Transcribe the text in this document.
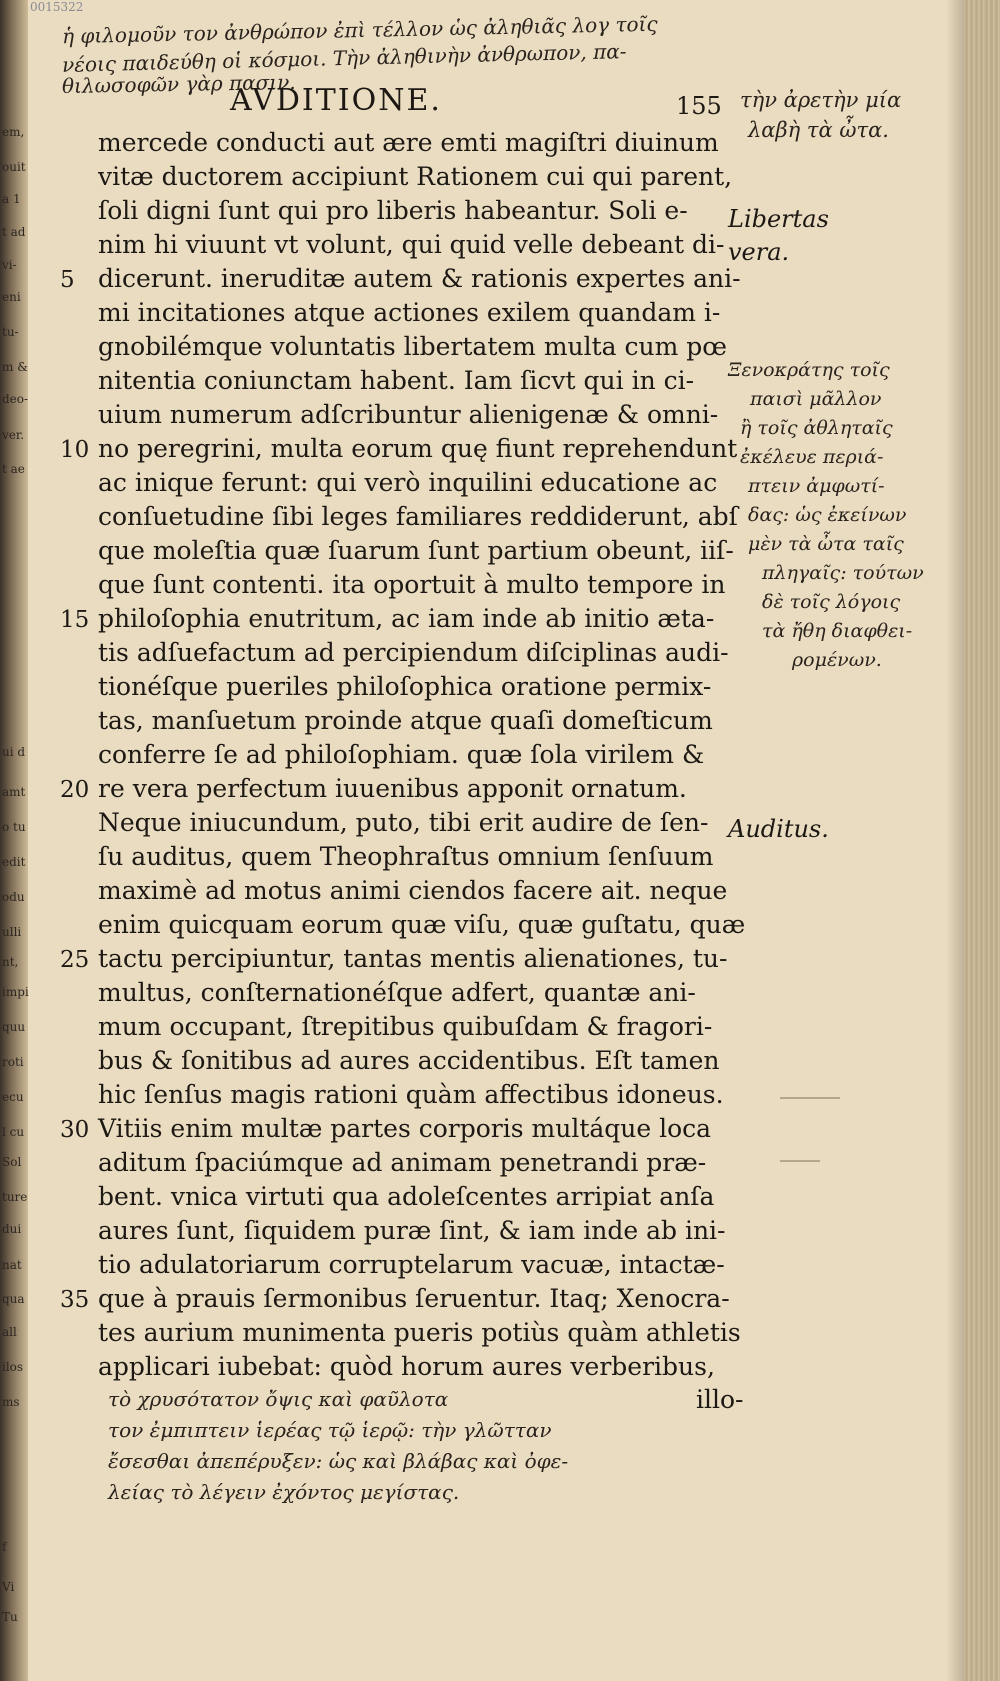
em,
ouit
a 1
t ad
vi-
eni
tu-
m &
deo-
ver.
t ae
ui d
amt
o tu
edit
odu
ulli
nt,
impi
quu
roti
ecu
l cu
Sol
ture
dui
nat
qua
all
ilos
ms
f
Vi
Tu
0015322
ἡ φιλομοῦν τον ἀνθρώπον ἐπὶ τέλλον ὡς ἀληθιᾶς λογ τοῖς
νέοις παιδεύθη οἱ κόσμοι. Τὴν ἀληθινὴν ἀνθρωπον, πα-
θιλωσοφῶν γὰρ πασιν.
τὴν ἀρετὴν μία
λαβὴ τὰ ὦτα.
AVDITIONE.	155
mercede conducti aut ære emti magiſtri diuinum
vitæ ductorem accipiunt Rationem cui qui parent,
ſoli digni ſunt qui pro liberis habeantur. Soli e-
nim hi viuunt vt volunt, qui quid velle debeant di-
5 dicerunt. ineruditæ autem & rationis expertes ani-
mi incitationes atque actiones exilem quandam i-
gnobilémque voluntatis libertatem multa cum pœ
nitentia coniunctam habent. Iam ſicvt qui in ci-
uium numerum adſcribuntur alienigenæ & omni-
10 no peregrini, multa eorum quę fiunt reprehendunt
ac inique ferunt: qui verò inquilini educatione ac
conſuetudine ſibi leges familiares reddiderunt, abſ
que moleſtia quæ ſuarum ſunt partium obeunt, iiſ-
que ſunt contenti. ita oportuit à multo tempore in
15 philoſophia enutritum, ac iam inde ab initio æta-
tis adſuefactum ad percipiendum diſciplinas audi-
tionéſque pueriles philoſophica oratione permix-
tas, manſuetum proinde atque quaſi domeſticum
conferre ſe ad philoſophiam. quæ ſola virilem &
20 re vera perfectum iuuenibus apponit ornatum.
Neque iniucundum, puto, tibi erit audire de ſen-
ſu auditus, quem Theophraſtus omnium ſenſuum
maximè ad motus animi ciendos facere ait. neque
enim quicquam eorum quæ viſu, quæ guſtatu, quæ
25 tactu percipiuntur, tantas mentis alienationes, tu-
multus, conſternationéſque adfert, quantæ ani-
mum occupant, ſtrepitibus quibuſdam & fragori-
bus & ſonitibus ad aures accidentibus. Eſt tamen
hic ſenſus magis rationi quàm affectibus idoneus.
30 Vitiis enim multæ partes corporis multáque loca
aditum ſpaciúmque ad animam penetrandi præ-
bent. vnica virtuti qua adoleſcentes arripiat anſa
aures ſunt, ſiquidem puræ ſint, & iam inde ab ini-
tio adulatoriarum corruptelarum vacuæ, intactæ-
35 que à prauis ſermonibus ſeruentur. Itaq; Xenocra-
tes aurium munimenta pueris potiùs quàm athletis
applicari iubebat: quòd horum aures verberibus,
Libertas
vera.
Auditus.
Ξενοκράτης τοῖς
παισὶ μᾶλλον
ἢ τοῖς ἀθληταῖς
ἐκέλευε περιά-
πτειν ἀμφωτί-
δας: ὡς ἐκείνων
μὲν τὰ ὦτα ταῖς
πληγαῖς: τούτων
δὲ τοῖς λόγοις
τὰ ἤθη διαφθει-
ρομένων.
illo-
τὸ χρυσότατον ὄψις καὶ φαῦλοτα
τον ἐμπιπτειν ἱερέας τῷ ἱερῷ: τὴν γλῶτταν
ἔσεσθαι ἀπεπέρυξεν: ὡς καὶ βλάβας καὶ ὀφε-
λείας τὸ λέγειν ἐχόντος μεγίστας.
